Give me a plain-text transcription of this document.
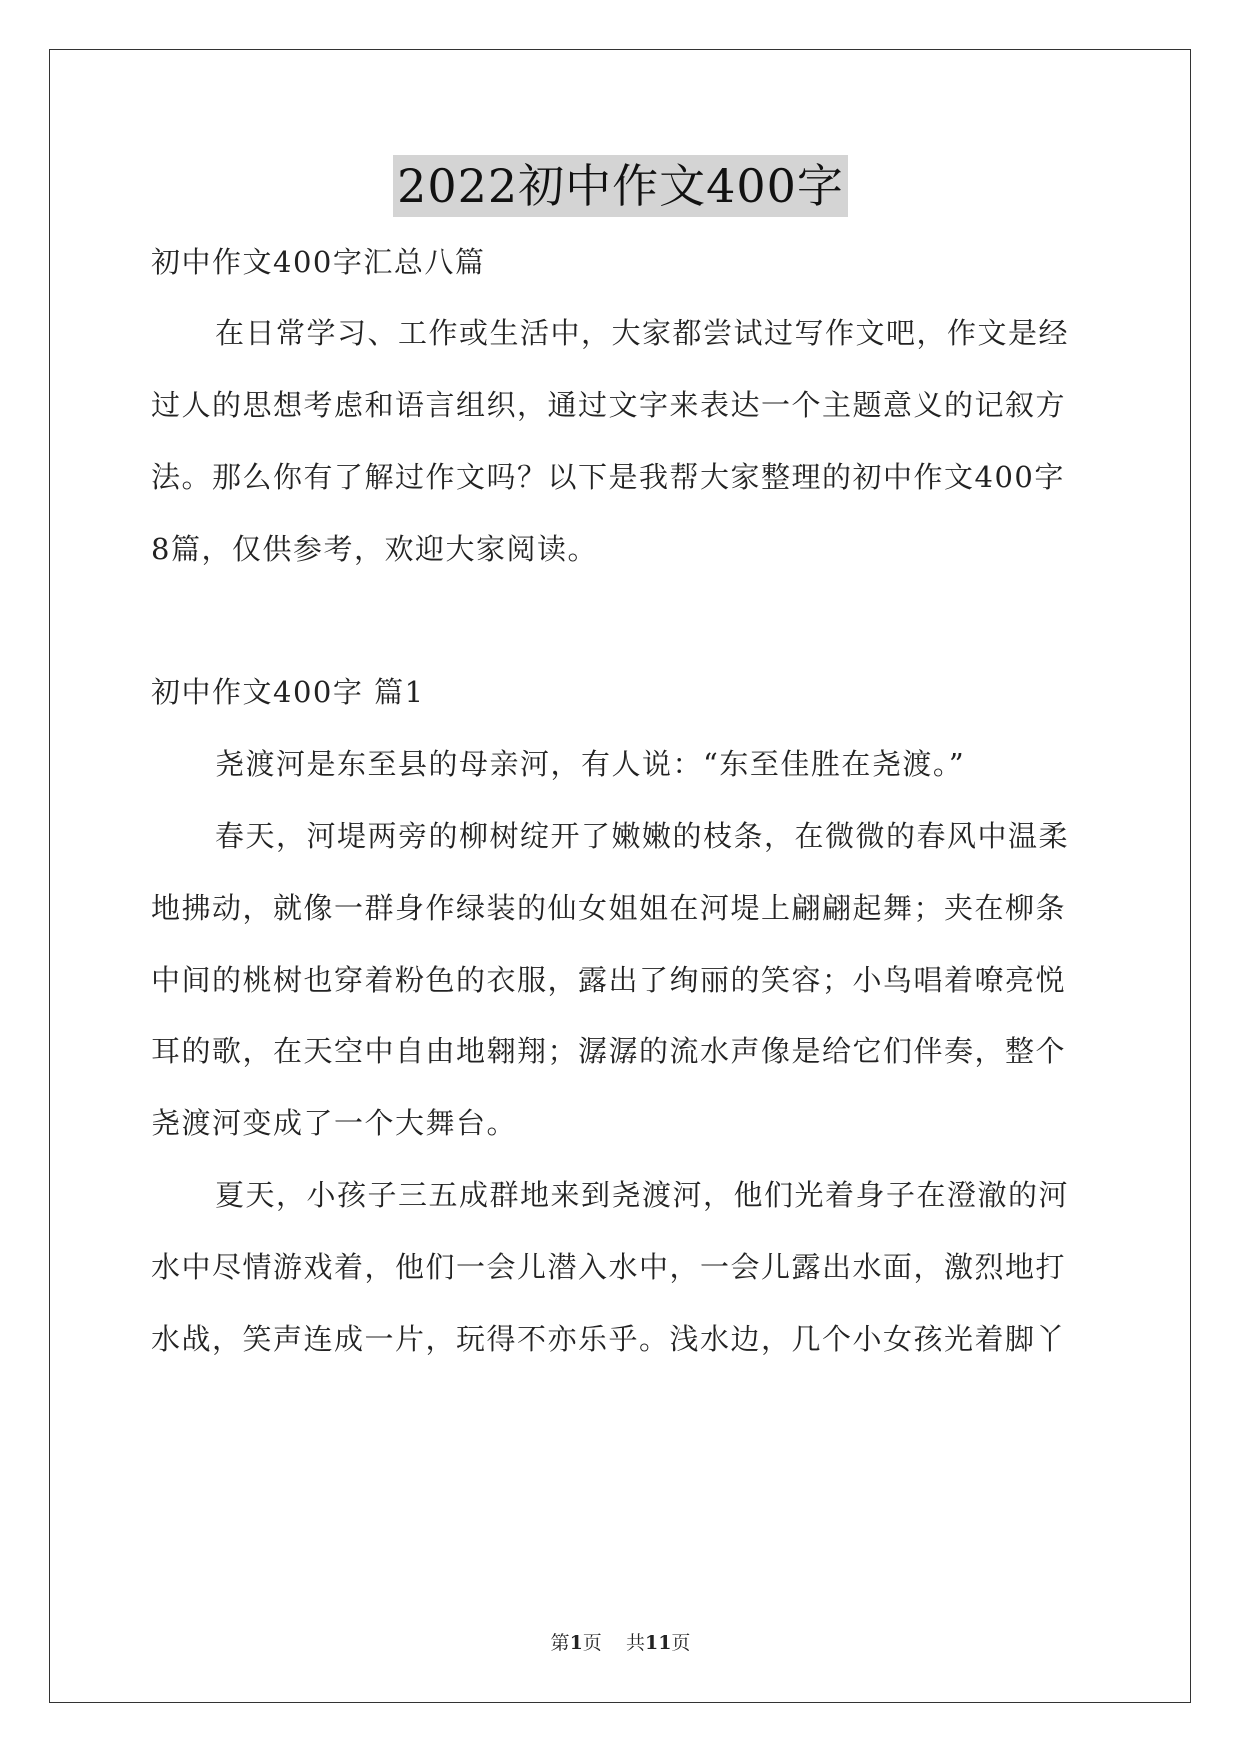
2022初中作文400字
初中作文400字汇总八篇
在日常学习、工作或生活中，大家都尝试过写作文吧，作文是经
过人的思想考虑和语言组织，通过文字来表达一个主题意义的记叙方
法。那么你有了解过作文吗？以下是我帮大家整理的初中作文400字
8篇，仅供参考，欢迎大家阅读。
初中作文400字 篇1
尧渡河是东至县的母亲河，有人说：“东至佳胜在尧渡。”
春天，河堤两旁的柳树绽开了嫩嫩的枝条，在微微的春风中温柔
地拂动，就像一群身作绿装的仙女姐姐在河堤上翩翩起舞；夹在柳条
中间的桃树也穿着粉色的衣服，露出了绚丽的笑容；小鸟唱着嘹亮悦
耳的歌，在天空中自由地翱翔；潺潺的流水声像是给它们伴奏，整个
尧渡河变成了一个大舞台。
夏天，小孩子三五成群地来到尧渡河，他们光着身子在澄澈的河
水中尽情游戏着，他们一会儿潜入水中，一会儿露出水面，激烈地打
水战，笑声连成一片，玩得不亦乐乎。浅水边，几个小女孩光着脚丫
第1页    共11页
